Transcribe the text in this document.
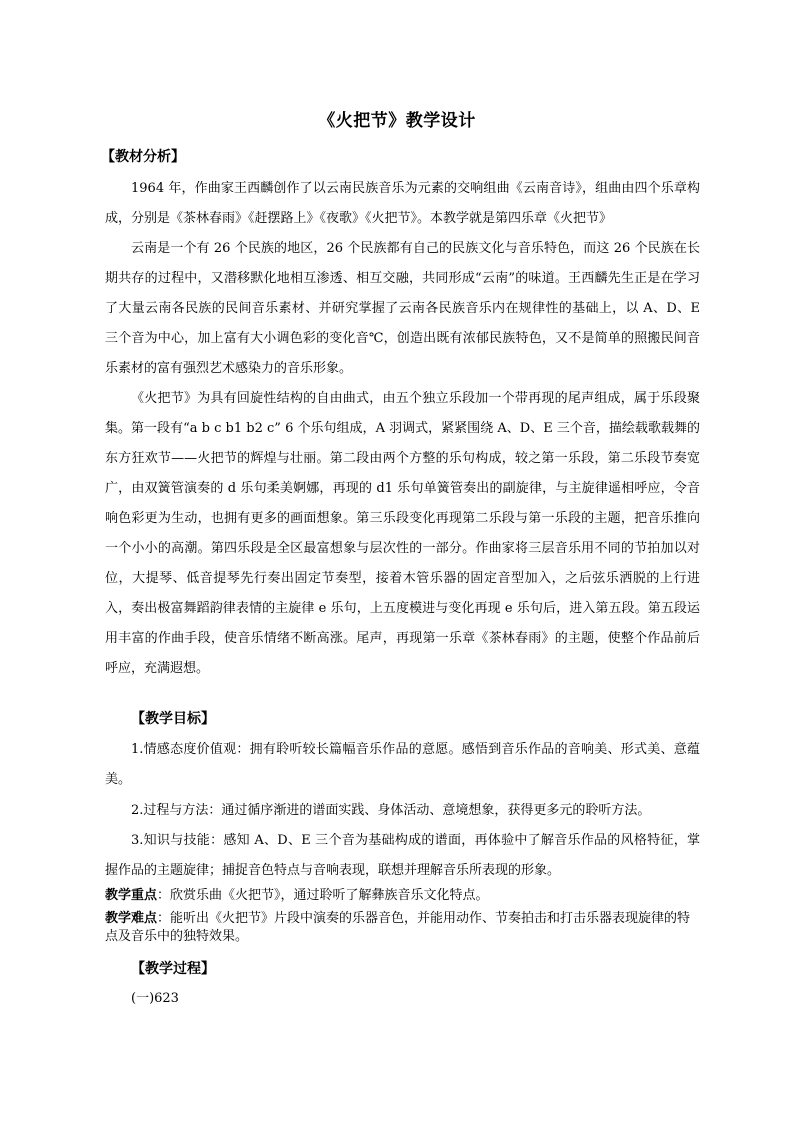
《火把节》教学设计
【教材分析】
1964 年，作曲家王西麟创作了以云南民族音乐为元素的交响组曲《云南音诗》，组曲由四个乐章构成，分别是《茶林春雨》《赶摆路上》《夜歌》《火把节》。本教学就是第四乐章《火把节》
云南是一个有 26 个民族的地区，26 个民族都有自己的民族文化与音乐特色，而这 26 个民族在长期共存的过程中，又潜移默化地相互渗透、相互交融，共同形成“云南”的味道。王西麟先生正是在学习了大量云南各民族的民间音乐素材、并研究掌握了云南各民族音乐内在规律性的基础上，以 A、D、E 三个音为中心，加上富有大小调色彩的变化音℃，创造出既有浓郁民族特色，又不是简单的照搬民间音乐素材的富有强烈艺术感染力的音乐形象。
《火把节》为具有回旋性结构的自由曲式，由五个独立乐段加一个带再现的尾声组成，属于乐段聚集。第一段有“a b c b1 b2 c” 6 个乐句组成，A 羽调式，紧紧围绕 A、D、E 三个音，描绘载歌载舞的东方狂欢节——火把节的辉煌与壮丽。第二段由两个方整的乐句构成，较之第一乐段，第二乐段节奏宽广，由双簧管演奏的 d 乐句柔美婀娜，再现的 d1 乐句单簧管奏出的副旋律，与主旋律遥相呼应，令音响色彩更为生动，也拥有更多的画面想象。第三乐段变化再现第二乐段与第一乐段的主题，把音乐推向一个小小的高潮。第四乐段是全区最富想象与层次性的一部分。作曲家将三层音乐用不同的节拍加以对位，大提琴、低音提琴先行奏出固定节奏型，接着木管乐器的固定音型加入，之后弦乐洒脱的上行进入，奏出极富舞蹈韵律表情的主旋律 e 乐句，上五度模进与变化再现 e 乐句后，进入第五段。第五段运用丰富的作曲手段，使音乐情绪不断高涨。尾声，再现第一乐章《茶林春雨》的主题，使整个作品前后呼应，充满遐想。
【教学目标】
1.情感态度价值观：拥有聆听较长篇幅音乐作品的意愿。感悟到音乐作品的音响美、形式美、意蕴美。
2.过程与方法：通过循序渐进的谱面实践、身体活动、意境想象，获得更多元的聆听方法。
3.知识与技能：感知 A、D、E 三个音为基础构成的谱面，再体验中了解音乐作品的风格特征，掌握作品的主题旋律；捕捉音色特点与音响表现，联想并理解音乐所表现的形象。
教学重点：欣赏乐曲《火把节》，通过聆听了解彝族音乐文化特点。
教学难点：能听出《火把节》片段中演奏的乐器音色，并能用动作、节奏拍击和打击乐器表现旋律的特点及音乐中的独特效果。
【教学过程】
(一)623
